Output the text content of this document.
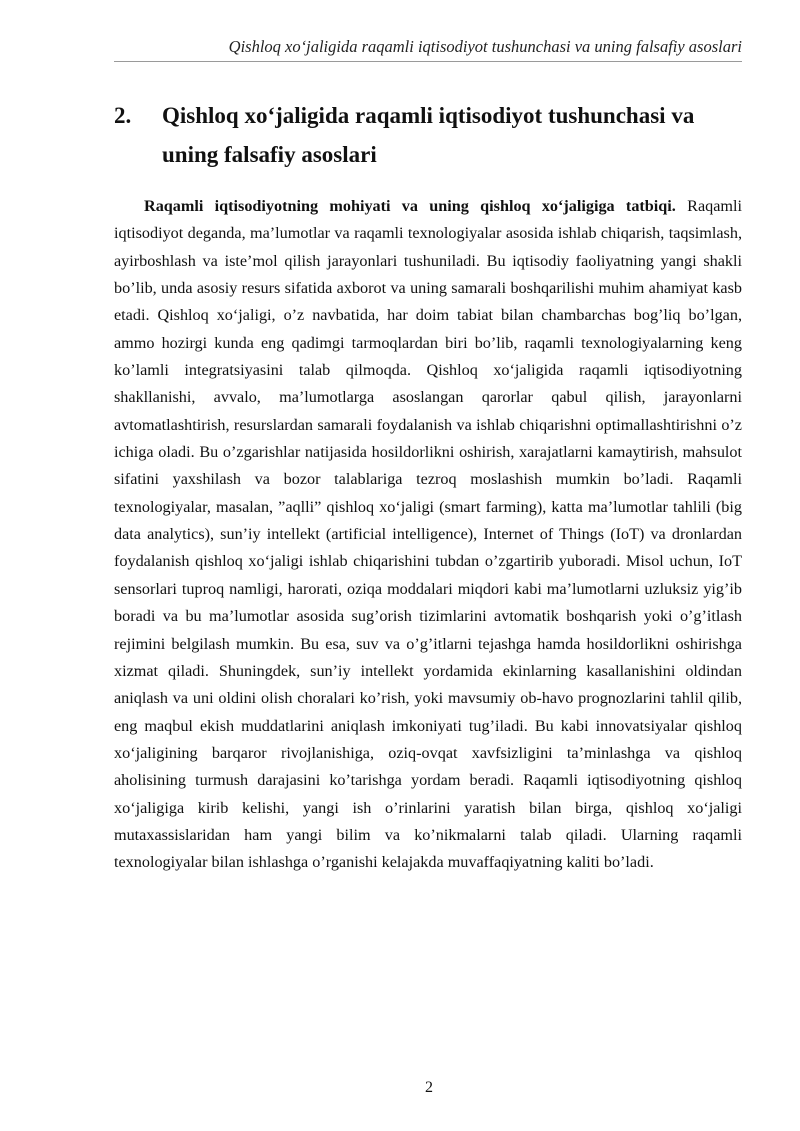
Qishloq xo‘jaligida raqamli iqtisodiyot tushunchasi va uning falsafiy asoslari
2. Qishloq xo‘jaligida raqamli iqtisodiyot tushunchasi va uning falsafiy asoslari

Raqamli iqtisodiyotning mohiyati va uning qishloq xo‘jaligiga tatbiqi. Raqamli iqtisodiyot deganda, ma’lumotlar va raqamli texnologiyalar asosida ishlab chiqarish, taqsimlash, ayirboshlash va iste’mol qilish jarayonlari tushuniladi. Bu iqtisodiy faoliyatning yangi shakli bo’lib, unda asosiy resurs sifatida axborot va uning samarali boshqarilishi muhim ahamiyat kasb etadi. Qishloq xo‘jaligi, o’z navbatida, har doim tabiat bilan chambarchas bog’liq bo’lgan, ammo hozirgi kunda eng qadimgi tarmoqlardan biri bo’lib, raqamli texnologiyalarning keng ko’lamli integratsiyasini talab qilmoqda. Qishloq xo‘jaligida raqamli iqtisodiyotning shakllanishi, avvalo, ma’lumotlarga asoslangan qarorlar qabul qilish, jarayonlarni avtomatlashtirish, resurslardan samarali foydalanish va ishlab chiqarishni optimallashtirishni o’z ichiga oladi. Bu o’zgarishlar natijasida hosildorlikni oshirish, xarajatlarni kamaytirish, mahsulot sifatini yaxshilash va bozor talablariga tezroq moslashish mumkin bo’ladi. Raqamli texnologiyalar, masalan, ”aqlli” qishloq xo‘jaligi (smart farming), katta ma’lumotlar tahlili (big data analytics), sun’iy intellekt (artificial intelligence), Internet of Things (IoT) va dronlardan foydalanish qishloq xo‘jaligi ishlab chiqarishini tubdan o’zgartirib yuboradi. Misol uchun, IoT sensorlari tuproq namligi, harorati, oziqa moddalari miqdori kabi ma’lumotlarni uzluksiz yig’ib boradi va bu ma’lumotlar asosida sug’orish tizimlarini avtomatik boshqarish yoki o’g’itlash rejimini belgilash mumkin. Bu esa, suv va o’g’itlarni tejashga hamda hosildorlikni oshirishga xizmat qiladi. Shuningdek, sun’iy intellekt yordamida ekinlarning kasallanishini oldindan aniqlash va uni oldini olish choralari ko’rish, yoki mavsumiy ob-havo prognozlarini tahlil qilib, eng maqbul ekish muddatlarini aniqlash imkoniyati tug’iladi. Bu kabi innovatsiyalar qishloq xo‘jaligining barqaror rivojlanishiga, oziq-ovqat xavfsizligini ta’minlashga va qishloq aholisining turmush darajasini ko’tarishga yordam beradi. Raqamli iqtisodiyotning qishloq xo‘jaligiga kirib kelishi, yangi ish o’rinlarini yaratish bilan birga, qishloq xo‘jaligi mutaxassislaridan ham yangi bilim va ko’nikmalarni talab qiladi. Ularning raqamli texnologiyalar bilan ishlashga o’rganishi kelajakda muvaffaqiyatning kaliti bo’ladi.

2
